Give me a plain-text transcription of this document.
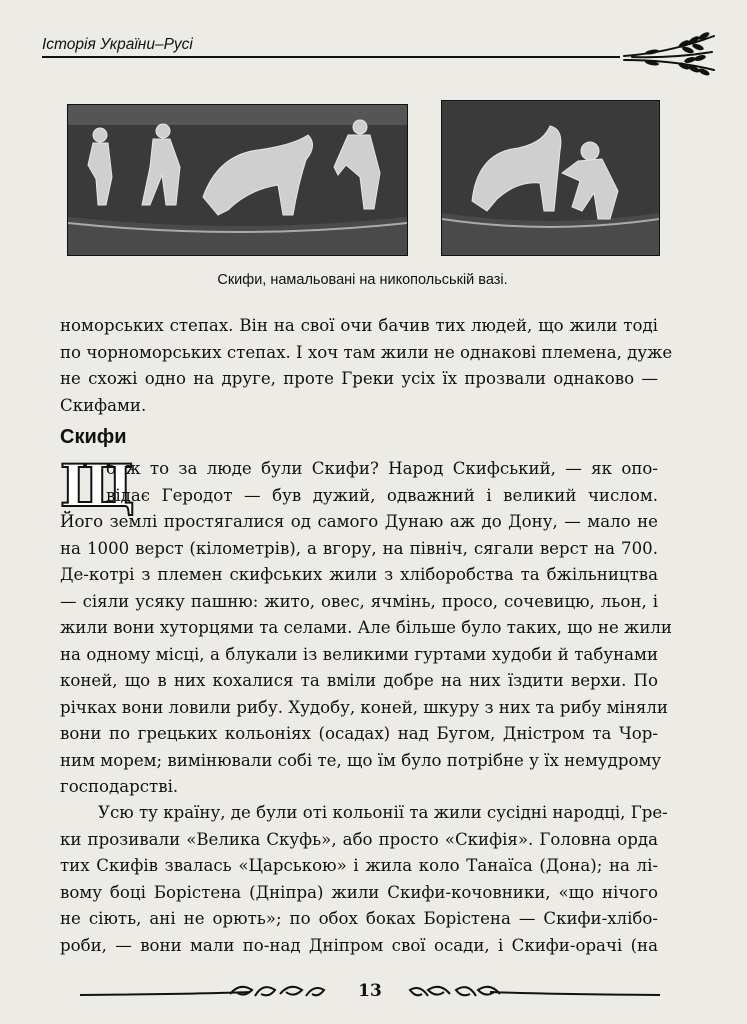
Історія України–Русі
Скифи, намальовані на никопольській вазі.
номорських степах. Він на свої очи бачив тих людей, що жили тоді
по чорноморських степах. І хоч там жили не однакові племена, дуже
не схожі одно на друге, проте Греки усіх їх прозвали однаково —
Скифами.
Скифи
Щ
о ж то за люде були Скифи? Народ Скифський, — як опо-
відає Геродот — був дужий, одважний і великий числом.
Його землі простягалися од самого Дунаю аж до Дону, — мало не
на 1000 верст (кілометрів), а вгору, на північ, сягали верст на 700.
Де-котрі з племен скифських жили з хліборобства та бжільництва
— сіяли усяку пашню: жито, овес, ячмінь, просо, сочевицю, льон, і
жили вони хуторцями та селами. Але більше було таких, що не жили
на одному місці, а блукали із великими гуртами худоби й табунами
коней, що в них кохалися та вміли добре на них їздити верхи. По
річках вони ловили рибу. Худобу, коней, шкуру з них та рибу міняли
вони по грецьких кольоніях (осадах) над Бугом, Дністром та Чор-
ним морем; вимінювали собі те, що їм було потрібне у їх немудрому
господарстві.
Усю ту країну, де були оті кольонії та жили сусідні народці, Гре-
ки прозивали «Велика Скуфь», або просто «Скифія». Головна орда
тих Скифів звалась «Царською» і жила коло Танаїса (Дона); на лі-
вому боці Борістена (Дніпра) жили Скифи-кочовники, «що нічого
не сіють, ані не орють»; по обох боках Борістена — Скифи-хлібо-
роби, — вони мали по-над Дніпром свої осади, і Скифи-орачі (на
13
